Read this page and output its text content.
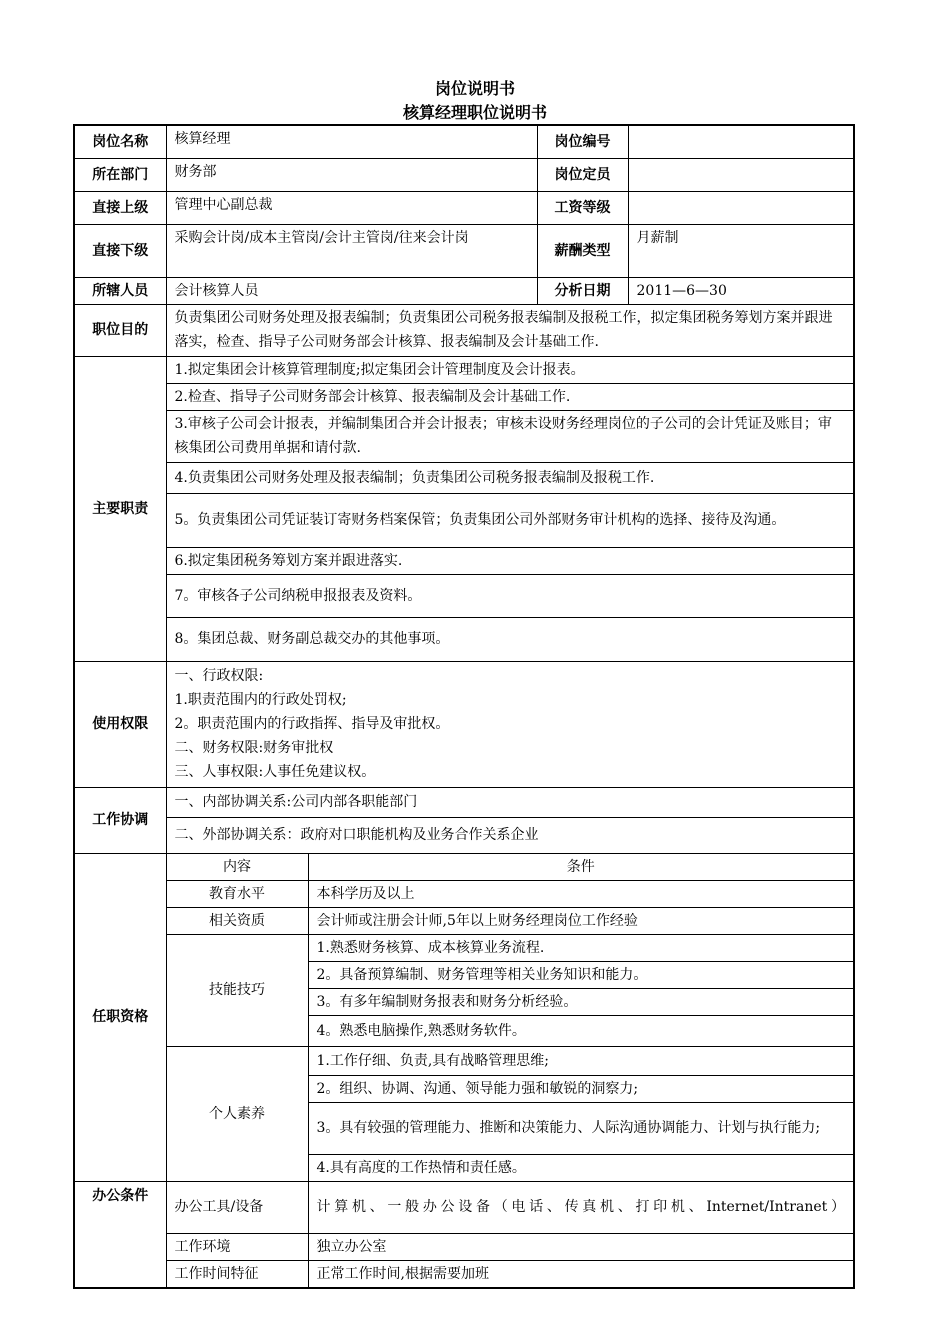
岗位说明书
核算经理职位说明书
岗位名称	核算经理		岗位编号	
所在部门	财务部		岗位定员	
直接上级	管理中心副总裁		工资等级	
直接下级	采购会计岗/成本主管岗/会计主管岗/往来会计岗		薪酬类型	月薪制
所辖人员	会计核算人员		分析日期	2011—6—30
职位目的	负责集团公司财务处理及报表编制；负责集团公司税务报表编制及报税工作，拟定集团税务筹划方案并跟进落实，检查、指导子公司财务部会计核算、报表编制及会计基础工作.			
主要职责	1.拟定集团会计核算管理制度;拟定集团会计管理制度及会计报表。			
	2.检查、指导子公司财务部会计核算、报表编制及会计基础工作.			
	3.审核子公司会计报表，并编制集团合并会计报表；审核未设财务经理岗位的子公司的会计凭证及账目；审核集团公司费用单据和请付款.			
	4.负责集团公司财务处理及报表编制；负责集团公司税务报表编制及报税工作.			
	5。负责集团公司凭证装订寄财务档案保管；负责集团公司外部财务审计机构的选择、接待及沟通。			
	6.拟定集团税务筹划方案并跟进落实.			
	7。审核各子公司纳税申报报表及资料。			
	8。集团总裁、财务副总裁交办的其他事项。			
使用权限	一、行政权限:
1.职责范围内的行政处罚权;
2。职责范围内的行政指挥、指导及审批权。
二、财务权限:财务审批权
三、人事权限:人事任免建议权。			

工作协调	一、内部协调关系:公司内部各职能部门			
	二、外部协调关系：政府对口职能机构及业务合作关系企业			
任职资格	内容	条件		
	教育水平	本科学历及以上		
	相关资质	会计师或注册会计师,5年以上财务经理岗位工作经验		
	技能技巧	1.熟悉财务核算、成本核算业务流程.		
		2。具备预算编制、财务管理等相关业务知识和能力。		
		3。有多年编制财务报表和财务分析经验。		
		4。熟悉电脑操作,熟悉财务软件。		
	个人素养	1.工作仔细、负责,具有战略管理思维;		
		2。组织、协调、沟通、领导能力强和敏锐的洞察力;		
		3。具有较强的管理能力、推断和决策能力、人际沟通协调能力、计划与执行能力;		
		4.具有高度的工作热情和责任感。		
办公条件	办公工具/设备	计算机、一般办公设备（电话、传真机、打印机、Internet/Intranet）		
	工作环境	独立办公室		
	工作时间特征	正常工作时间,根据需要加班		
